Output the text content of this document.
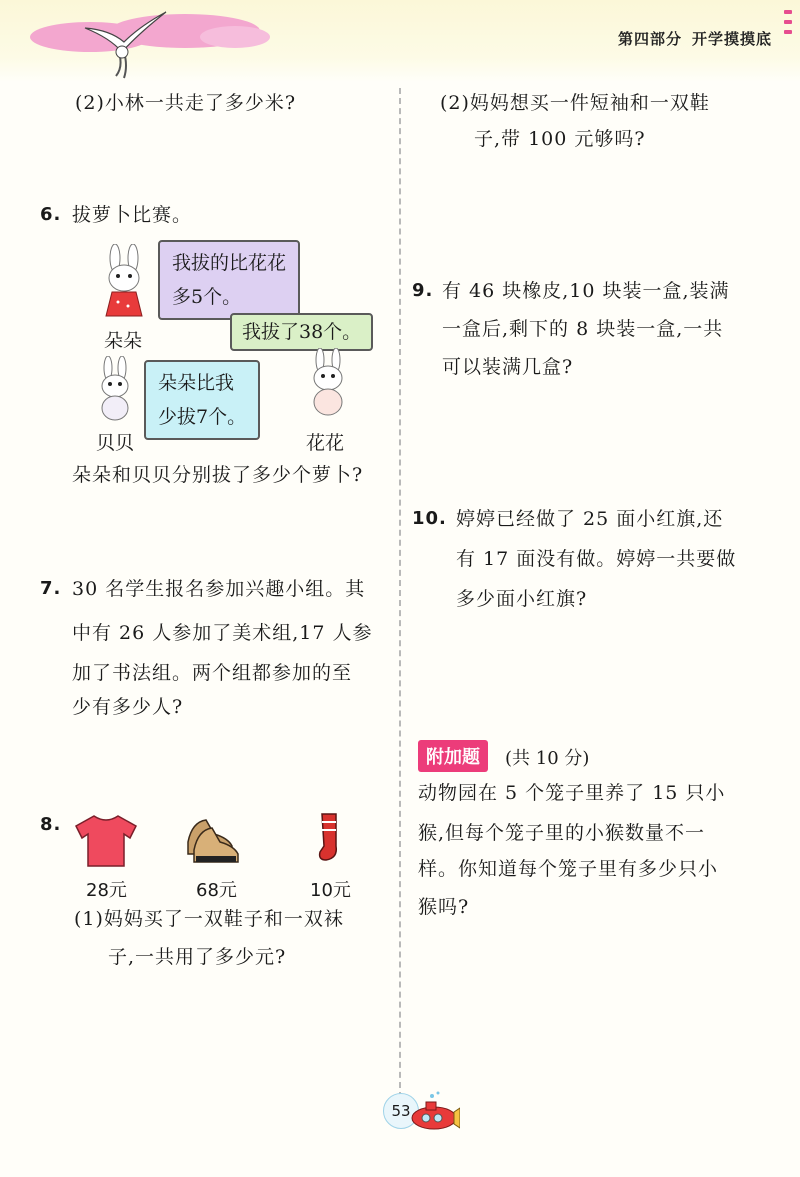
第四部分 开学摸摸底
(2)小林一共走了多少米?
6. 拔萝卜比赛。
我拔的比花花
多5个。
朵朵	我拔了38个。
朵朵比我
少拔7个。
贝贝	花花
朵朵和贝贝分别拔了多少个萝卜?
7. 30 名学生报名参加兴趣小组。其
中有 26 人参加了美术组,17 人参
加了书法组。两个组都参加的至
少有多少人?
8.
28元	68元	10元
(1)妈妈买了一双鞋子和一双袜
子,一共用了多少元?
(2)妈妈想买一件短袖和一双鞋
子,带 100 元够吗?
9. 有 46 块橡皮,10 块装一盒,装满
一盒后,剩下的 8 块装一盒,一共
可以装满几盒?
10. 婷婷已经做了 25 面小红旗,还
有 17 面没有做。婷婷一共要做
多少面小红旗?
附加题	(共 10 分)
动物园在 5 个笼子里养了 15 只小
猴,但每个笼子里的小猴数量不一
样。你知道每个笼子里有多少只小
猴吗?
53
